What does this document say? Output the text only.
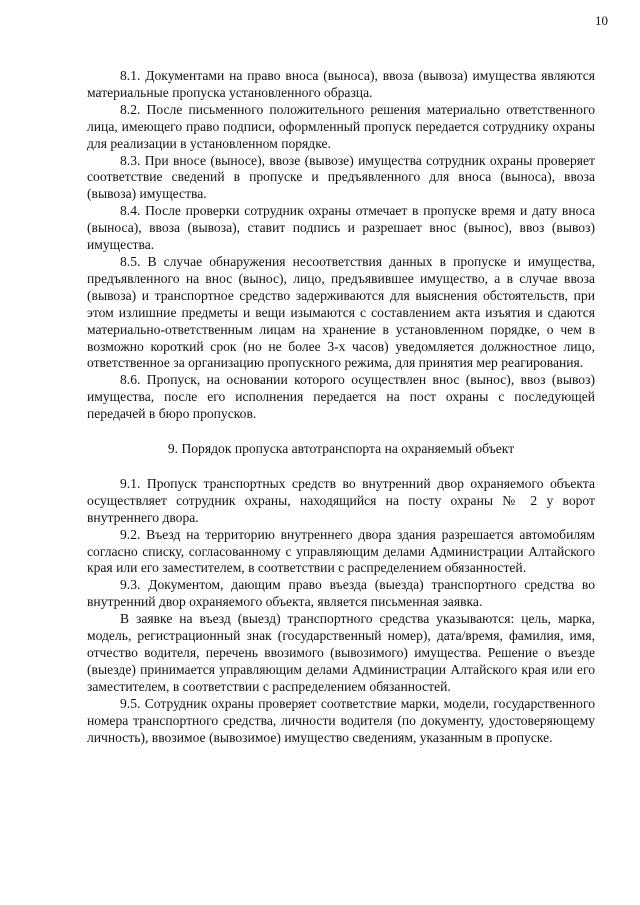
10

8.1. Документами на право вноса (выноса), ввоза (вывоза) имущества являются материальные пропуска установленного образца.

8.2. После письменного положительного решения материально ответственного лица, имеющего право подписи, оформленный пропуск передается сотруднику охраны для реализации в установленном порядке.

8.3. При вносе (выносе), ввозе (вывозе) имущества сотрудник охраны проверяет соответствие сведений в пропуске и предъявленного для вноса (выноса), ввоза (вывоза) имущества.

8.4. После проверки сотрудник охраны отмечает в пропуске время и дату вноса (выноса), ввоза (вывоза), ставит подпись и разрешает внос (вынос), ввоз (вывоз) имущества.

8.5. В случае обнаружения несоответствия данных в пропуске и имущества, предъявленного на внос (вынос), лицо, предъявившее имущество, а в случае ввоза (вывоза) и транспортное средство задерживаются для выяснения обстоятельств, при этом излишние предметы и вещи изымаются с составлением акта изъятия и сдаются материально-ответственным лицам на хранение в установленном порядке, о чем в возможно короткий срок (но не более 3-х часов) уведомляется должностное лицо, ответственное за организацию пропускного режима, для принятия мер реагирования.

8.6. Пропуск, на основании которого осуществлен внос (вынос), ввоз (вывоз) имущества, после его исполнения передается на пост охраны с последующей передачей в бюро пропусков.

9. Порядок пропуска автотранспорта на охраняемый объект

9.1. Пропуск транспортных средств во внутренний двор охраняемого объекта осуществляет сотрудник охраны, находящийся на посту охраны № 2 у ворот внутреннего двора.

9.2. Въезд на территорию внутреннего двора здания разрешается автомобилям согласно списку, согласованному с управляющим делами Администрации Алтайского края или его заместителем, в соответствии с распределением обязанностей.

9.3. Документом, дающим право въезда (выезда) транспортного средства во внутренний двор охраняемого объекта, является письменная заявка.

В заявке на въезд (выезд) транспортного средства указываются: цель, марка, модель, регистрационный знак (государственный номер), дата/время, фамилия, имя, отчество водителя, перечень ввозимого (вывозимого) имущества. Решение о въезде (выезде) принимается управляющим делами Администрации Алтайского края или его заместителем, в соответствии с распределением обязанностей.

9.5. Сотрудник охраны проверяет соответствие марки, модели, государственного номера транспортного средства, личности водителя (по документу, удостоверяющему личность), ввозимое (вывозимое) имущество сведениям, указанным в пропуске.
